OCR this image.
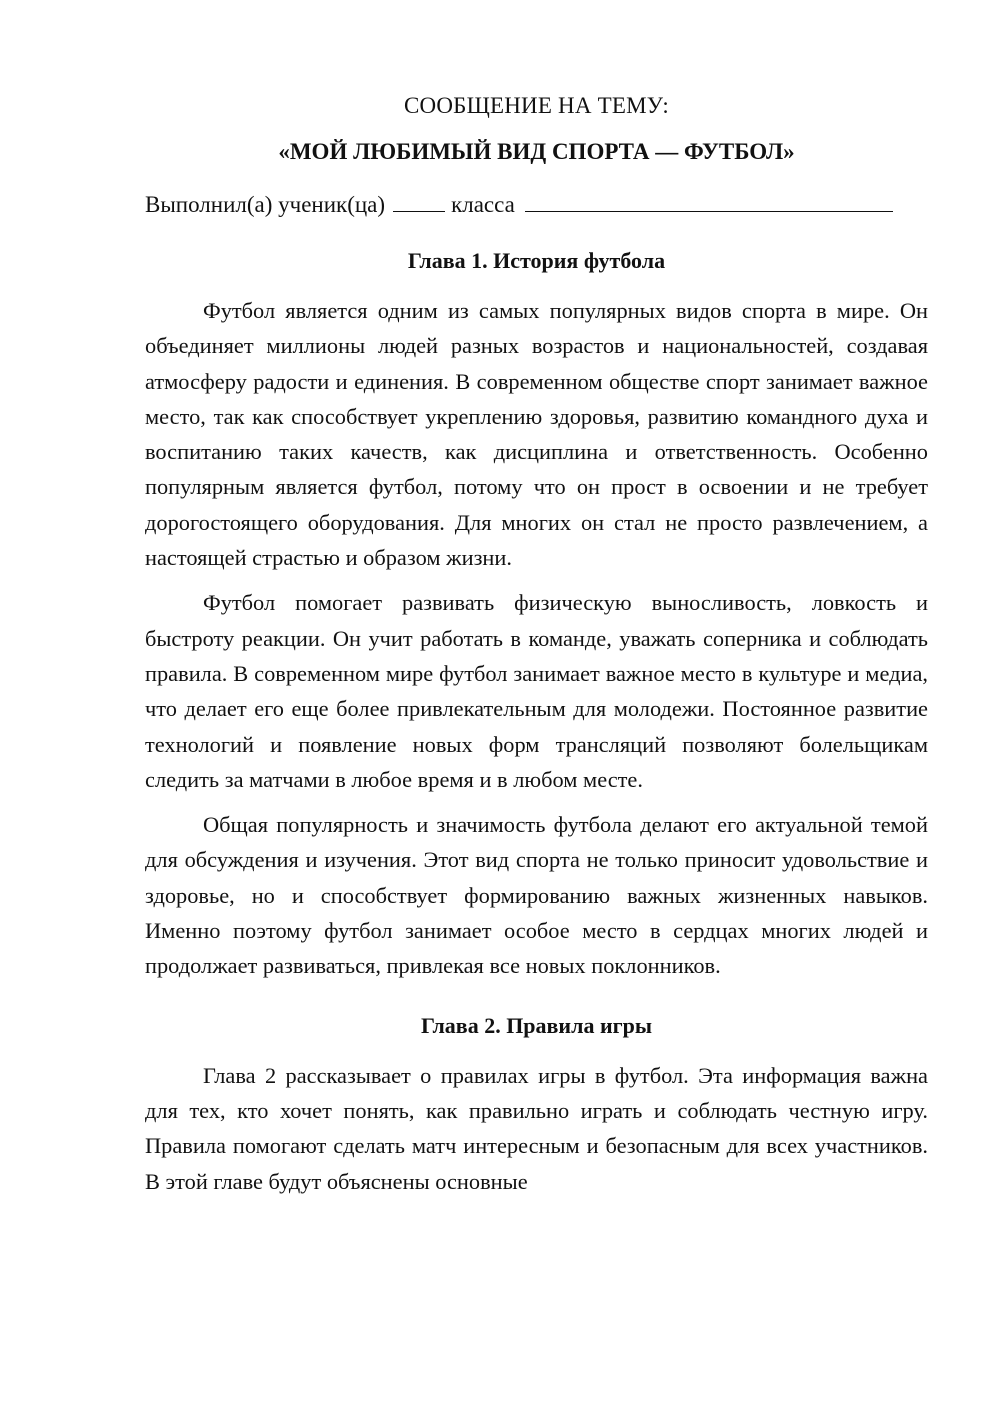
СООБЩЕНИЕ НА ТЕМУ:

«МОЙ ЛЮБИМЫЙ ВИД СПОРТА — ФУТБОЛ»

Выполнил(а) ученик(ца)	класса

Глава 1. История футбола

Футбол является одним из самых популярных видов спорта в мире. Он объединяет миллионы людей разных возрастов и национальностей, создавая атмосферу радости и единения. В современном обществе спорт занимает важное место, так как способствует укреплению здоровья, развитию командного духа и воспитанию таких качеств, как дисциплина и ответственность. Особенно популярным является футбол, потому что он прост в освоении и не требует дорогостоящего оборудования. Для многих он стал не просто развлечением, а настоящей страстью и образом жизни.

Футбол помогает развивать физическую выносливость, ловкость и быстроту реакции. Он учит работать в команде, уважать соперника и соблюдать правила. В современном мире футбол занимает важное место в культуре и медиа, что делает его еще более привлекательным для молодежи. Постоянное развитие технологий и появление новых форм трансляций позволяют болельщикам следить за матчами в любое время и в любом месте.

Общая популярность и значимость футбола делают его актуальной темой для обсуждения и изучения. Этот вид спорта не только приносит удовольствие и здоровье, но и способствует формированию важных жизненных навыков. Именно поэтому футбол занимает особое место в сердцах многих людей и продолжает развиваться, привлекая все новых поклонников.

Глава 2. Правила игры

Глава 2 рассказывает о правилах игры в футбол. Эта информация важна для тех, кто хочет понять, как правильно играть и соблюдать честную игру. Правила помогают сделать матч интересным и безопасным для всех участников. В этой главе будут объяснены основные
